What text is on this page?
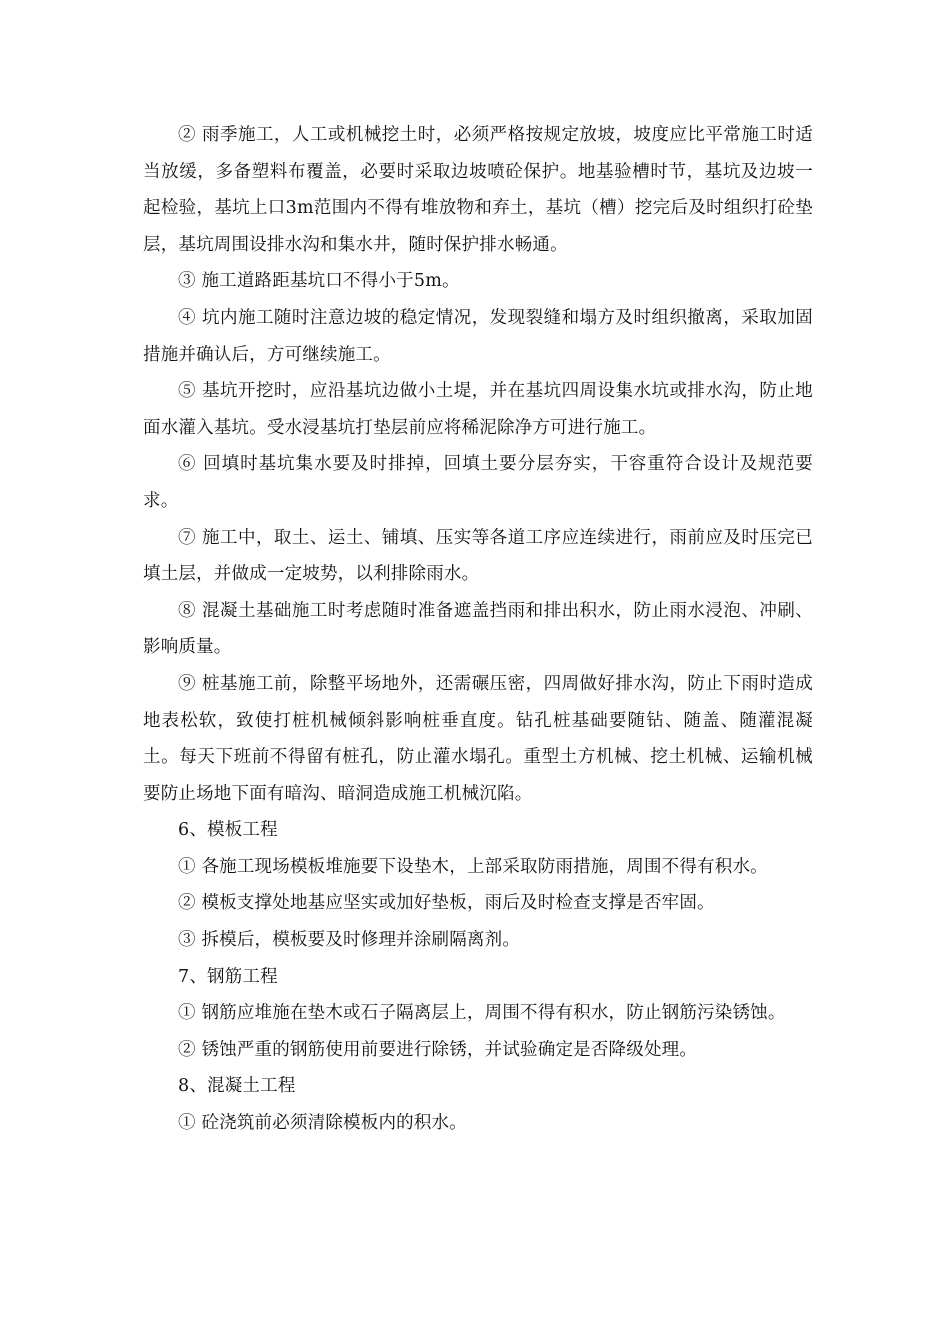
② 雨季施工，人工或机械挖土时，必须严格按规定放坡，坡度应比平常施工时适当放缓，多备塑料布覆盖，必要时采取边坡喷砼保护。地基验槽时节，基坑及边坡一起检验，基坑上口3m范围内不得有堆放物和弃土，基坑（槽）挖完后及时组织打砼垫层，基坑周围设排水沟和集水井，随时保护排水畅通。

③ 施工道路距基坑口不得小于5m。

④ 坑内施工随时注意边坡的稳定情况，发现裂缝和塌方及时组织撤离，采取加固措施并确认后，方可继续施工。

⑤ 基坑开挖时，应沿基坑边做小土堤，并在基坑四周设集水坑或排水沟，防止地面水灌入基坑。受水浸基坑打垫层前应将稀泥除净方可进行施工。

⑥ 回填时基坑集水要及时排掉，回填土要分层夯实，干容重符合设计及规范要求。

⑦ 施工中，取土、运土、铺填、压实等各道工序应连续进行，雨前应及时压完已填土层，并做成一定坡势，以利排除雨水。

⑧ 混凝土基础施工时考虑随时准备遮盖挡雨和排出积水，防止雨水浸泡、冲刷、影响质量。

⑨ 桩基施工前，除整平场地外，还需碾压密，四周做好排水沟，防止下雨时造成地表松软，致使打桩机械倾斜影响桩垂直度。钻孔桩基础要随钻、随盖、随灌混凝土。每天下班前不得留有桩孔，防止灌水塌孔。重型土方机械、挖土机械、运输机械要防止场地下面有暗沟、暗洞造成施工机械沉陷。

6、模板工程

① 各施工现场模板堆施要下设垫木，上部采取防雨措施，周围不得有积水。

② 模板支撑处地基应坚实或加好垫板，雨后及时检查支撑是否牢固。

③ 拆模后，模板要及时修理并涂刷隔离剂。

7、钢筋工程

① 钢筋应堆施在垫木或石子隔离层上，周围不得有积水，防止钢筋污染锈蚀。

② 锈蚀严重的钢筋使用前要进行除锈，并试验确定是否降级处理。

8、混凝土工程

① 砼浇筑前必须清除模板内的积水。
